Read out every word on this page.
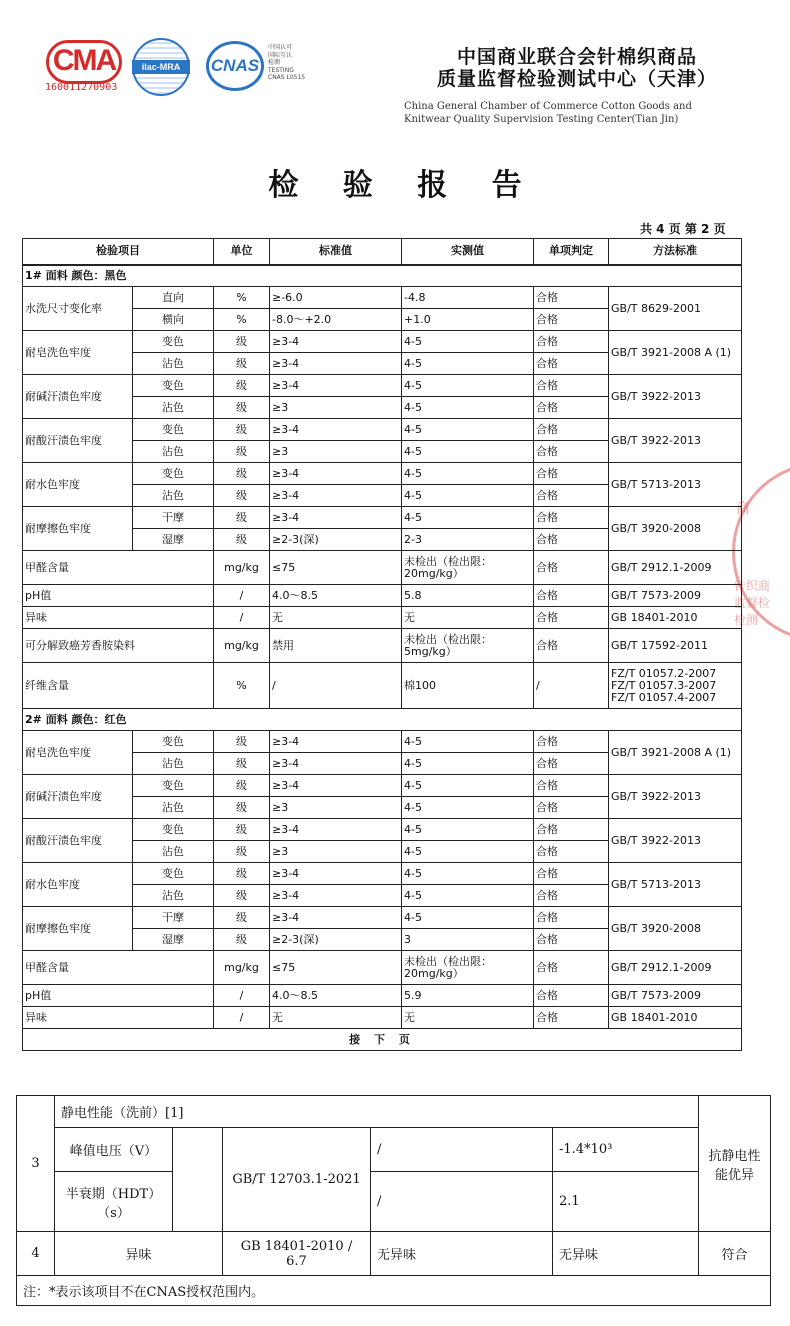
CMA
160011270903
ilac-MRA	CNAS
中国认可
国际互认
检测
TESTING
CNAS L0515
中国商业联合会针棉织商品
质量监督检验测试中心（天津）
China General Chamber of Commerce Cotton Goods and
Knitwear Quality Supervision Testing Center(Tian Jin)
检 验 报 告
共 4 页 第 2 页
商
针织商
监督检
检测
检验项目		单位	标准值	实测值	单项判定	方法标准
1# 面料 颜色：黑色						
水洗尺寸变化率	直向	%	≥-6.0	-4.8	合格	GB/T 8629-2001
	横向	%	-8.0～+2.0	+1.0	合格	
耐皂洗色牢度	变色	级	≥3-4	4-5	合格	GB/T 3921-2008 A (1)
	沾色	级	≥3-4	4-5	合格	
耐碱汗渍色牢度	变色	级	≥3-4	4-5	合格	GB/T 3922-2013
	沾色	级	≥3	4-5	合格	
耐酸汗渍色牢度	变色	级	≥3-4	4-5	合格	GB/T 3922-2013
	沾色	级	≥3	4-5	合格	
耐水色牢度	变色	级	≥3-4	4-5	合格	GB/T 5713-2013
	沾色	级	≥3-4	4-5	合格	
耐摩擦色牢度	干摩	级	≥3-4	4-5	合格	GB/T 3920-2008
	湿摩	级	≥2-3(深)	2-3	合格	
甲醛含量		mg/kg	≤75	未检出（检出限：20mg/kg）	合格	GB/T 2912.1-2009
pH值		/	4.0～8.5	5.8	合格	GB/T 7573-2009
异味		/	无	无	合格	GB 18401-2010
可分解致癌芳香胺染料		mg/kg	禁用	未检出（检出限：5mg/kg）	合格	GB/T 17592-2011
纤维含量		%	/	棉100	/	FZ/T 01057.2-2007
FZ/T 01057.3-2007
FZ/T 01057.4-2007
2# 面料 颜色：红色						
耐皂洗色牢度	变色	级	≥3-4	4-5	合格	GB/T 3921-2008 A (1)
	沾色	级	≥3-4	4-5	合格	
耐碱汗渍色牢度	变色	级	≥3-4	4-5	合格	GB/T 3922-2013
	沾色	级	≥3	4-5	合格	
耐酸汗渍色牢度	变色	级	≥3-4	4-5	合格	GB/T 3922-2013
	沾色	级	≥3	4-5	合格	
耐水色牢度	变色	级	≥3-4	4-5	合格	GB/T 5713-2013
	沾色	级	≥3-4	4-5	合格	
耐摩擦色牢度	干摩	级	≥3-4	4-5	合格	GB/T 3920-2008
	湿摩	级	≥2-3(深)	3	合格	
甲醛含量		mg/kg	≤75	未检出（检出限：20mg/kg）	合格	GB/T 2912.1-2009
pH值		/	4.0～8.5	5.9	合格	GB/T 7573-2009
异味		/	无	无	合格	GB 18401-2010
接 下 页						
3	静电性能（洗前）[1]					抗静电性能优异
	峰值电压（V）		GB/T 12703.1-2021	/	-1.4*10³	
	半衰期（HDT）
（s）			/	2.1	
4	异味		GB 18401-2010 / 6.7	无异味	无异味	符合
注：*表示该项目不在CNAS授权范围内。						
